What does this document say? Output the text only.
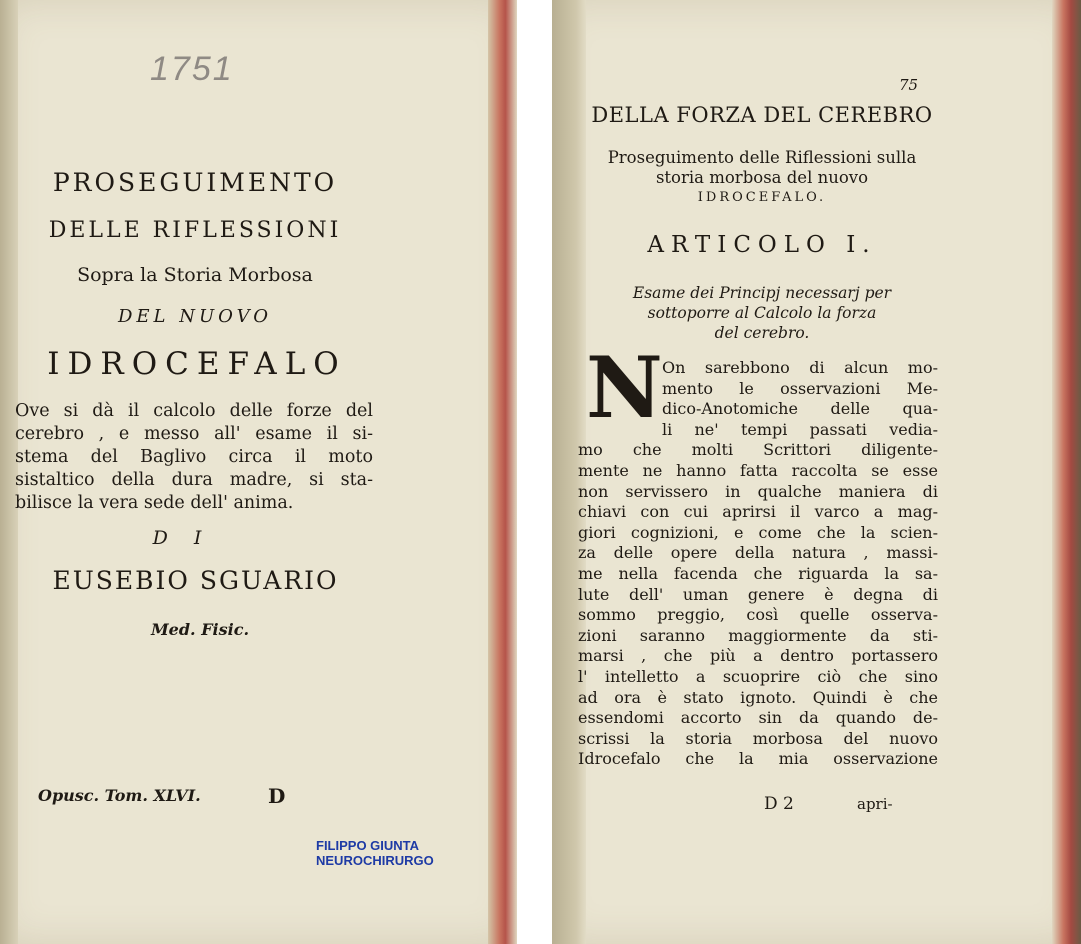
1751
PROSEGUIMENTO
DELLE RIFLESSIONI
Sopra la Storia Morbosa
DEL NUOVO
IDROCEFALO
Ove si dà il calcolo delle forze del
cerebro , e messo all' esame il si-
stema del Baglivo circa il moto
sistaltico della dura madre, si sta-
bilisce la vera sede dell' anima.
DI
EUSEBIO SGUARIO
Med. Fisic.
Opusc. Tom. XLVI.	D
FILIPPO GIUNTA
NEUROCHIRURGO
75
DELLA FORZA DEL CEREBRO
Proseguimento delle Riflessioni sulla
storia morbosa del nuovo
IDROCEFALO.
ARTICOLO I.
Esame dei Principj necessarj per
sottoporre al Calcolo la forza
del cerebro.
N On sarebbono di alcun mo-
mento le osservazioni Me-
dico-Anotomiche delle qua-
li ne' tempi passati vedia-
mo che molti Scrittori diligente-
mente ne hanno fatta raccolta se esse
non servissero in qualche maniera di
chiavi con cui aprirsi il varco a mag-
giori cognizioni, e come che la scien-
za delle opere della natura , massi-
me nella facenda che riguarda la sa-
lute dell' uman genere è degna di
sommo preggio, così quelle osserva-
zioni saranno maggiormente da sti-
marsi , che più a dentro portassero
l' intelletto a scuoprire ciò che sino
ad ora è stato ignoto. Quindi è che
essendomi accorto sin da quando de-
scrissi la storia morbosa del nuovo
Idrocefalo che la mia osservazione
D 2	apri-
